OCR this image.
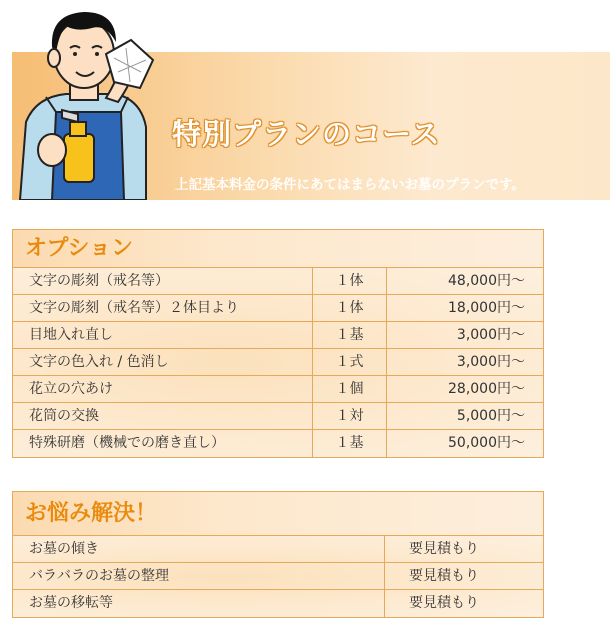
特別プランのコース
上記基本料金の条件にあてはまらないお墓のプランです。
お見積もりは無料ですので、お気軽にご相談ください。
オプション
文字の彫刻（戒名等）	１体	48,000円〜
文字の彫刻（戒名等）２体目より	１体	18,000円〜
目地入れ直し	１基	3,000円〜
文字の色入れ / 色消し	１式	3,000円〜
花立の穴あけ	１個	28,000円〜
花筒の交換	１対	5,000円〜
特殊研磨（機械での磨き直し）	１基	50,000円〜
お悩み解決！
お墓の傾き	要見積もり
バラバラのお墓の整理	要見積もり
お墓の移転等	要見積もり
